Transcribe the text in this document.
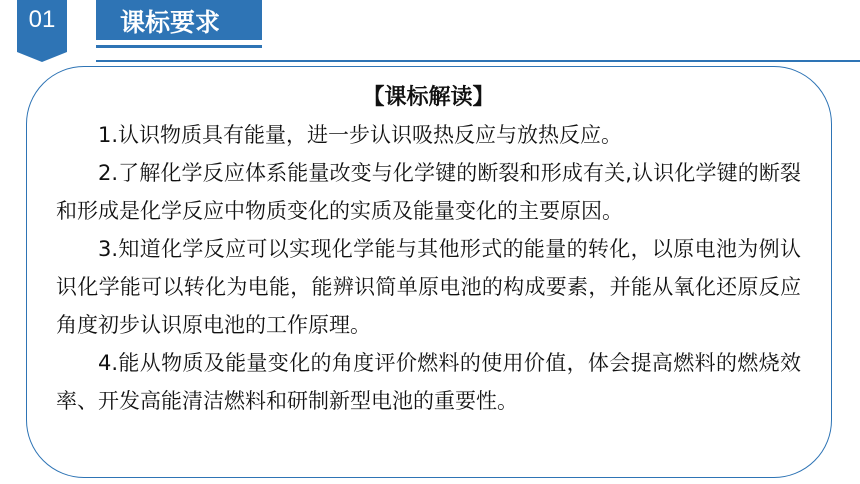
01	课标要求
【课标解读】

1.认识物质具有能量，进一步认识吸热反应与放热反应。

2.了解化学反应体系能量改变与化学键的断裂和形成有关,认识化学键的断裂和形成是化学反应中物质变化的实质及能量变化的主要原因。

3.知道化学反应可以实现化学能与其他形式的能量的转化，以原电池为例认识化学能可以转化为电能，能辨识简单原电池的构成要素，并能从氧化还原反应角度初步认识原电池的工作原理。

4.能从物质及能量变化的角度评价燃料的使用价值，体会提高燃料的燃烧效率、开发高能清洁燃料和研制新型电池的重要性。
